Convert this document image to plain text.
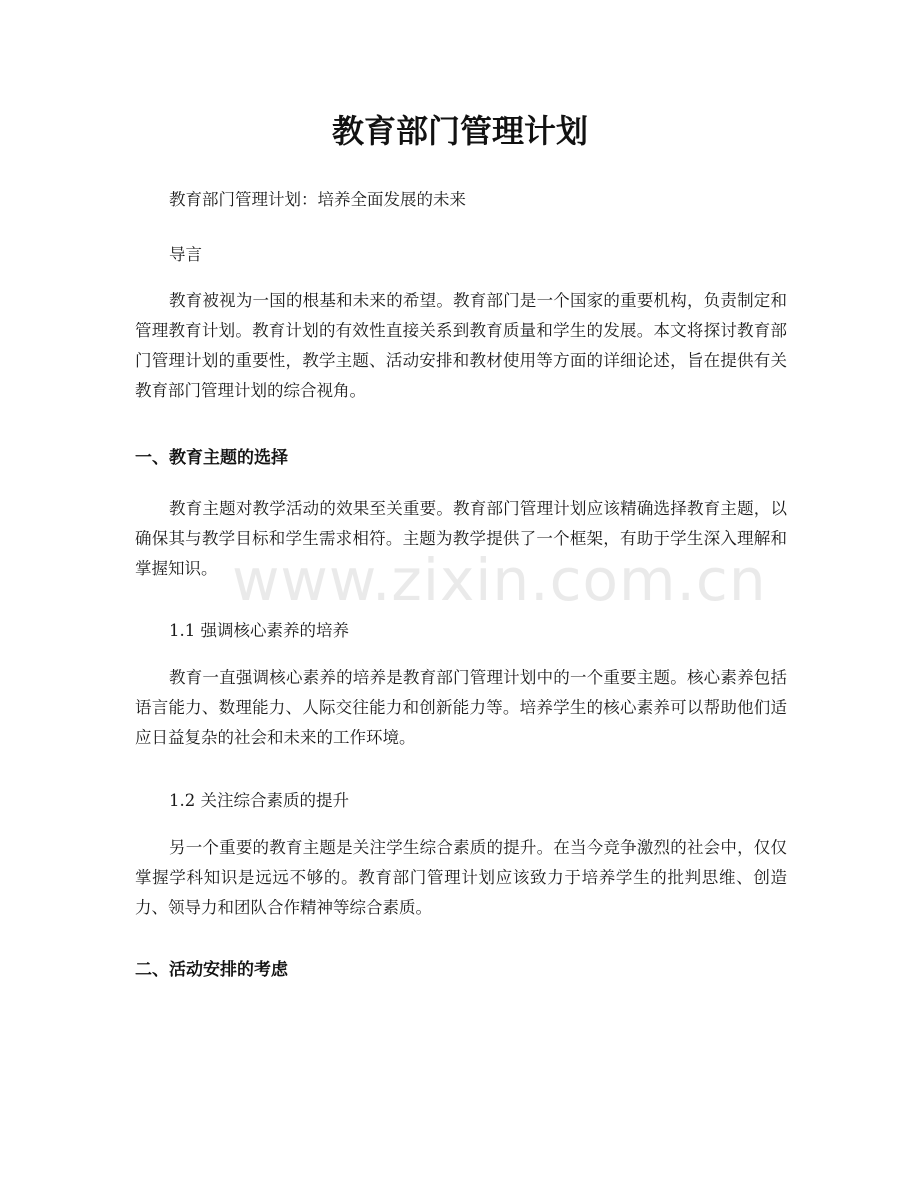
教育部门管理计划

教育部门管理计划：培养全面发展的未来

导言

教育被视为一国的根基和未来的希望。教育部门是一个国家的重要机构，负责制定和管理教育计划。教育计划的有效性直接关系到教育质量和学生的发展。本文将探讨教育部门管理计划的重要性，教学主题、活动安排和教材使用等方面的详细论述，旨在提供有关教育部门管理计划的综合视角。

一、教育主题的选择

教育主题对教学活动的效果至关重要。教育部门管理计划应该精确选择教育主题，以确保其与教学目标和学生需求相符。主题为教学提供了一个框架，有助于学生深入理解和掌握知识。

1.1 强调核心素养的培养

教育一直强调核心素养的培养是教育部门管理计划中的一个重要主题。核心素养包括语言能力、数理能力、人际交往能力和创新能力等。培养学生的核心素养可以帮助他们适应日益复杂的社会和未来的工作环境。

1.2 关注综合素质的提升

另一个重要的教育主题是关注学生综合素质的提升。在当今竞争激烈的社会中，仅仅掌握学科知识是远远不够的。教育部门管理计划应该致力于培养学生的批判思维、创造力、领导力和团队合作精神等综合素质。

二、活动安排的考虑
www.zixin.com.cn
